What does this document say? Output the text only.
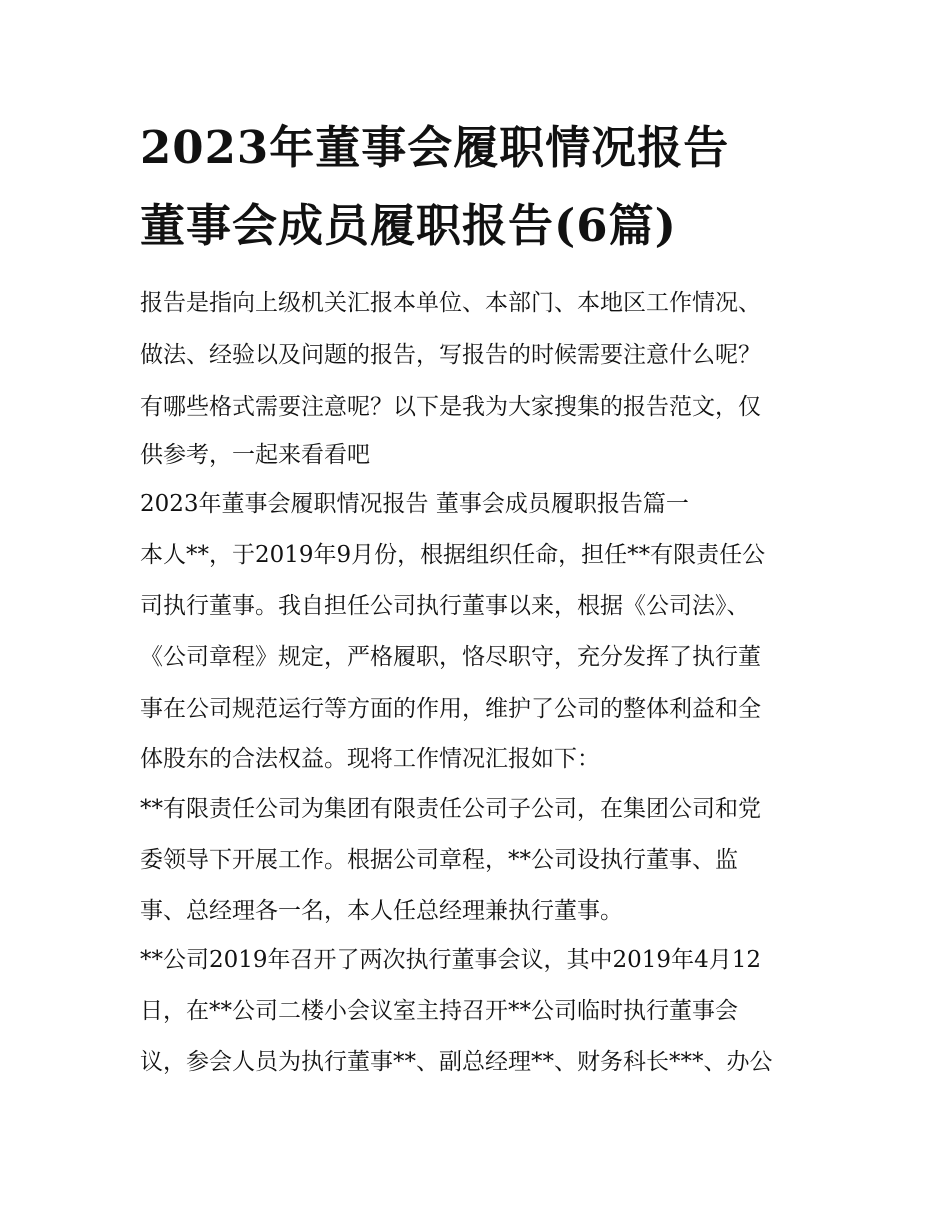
2023年董事会履职情况报告
董事会成员履职报告(6篇)

报告是指向上级机关汇报本单位、本部门、本地区工作情况、

做法、经验以及问题的报告，写报告的时候需要注意什么呢？

有哪些格式需要注意呢？以下是我为大家搜集的报告范文，仅

供参考，一起来看看吧

2023年董事会履职情况报告 董事会成员履职报告篇一

本人**，于2019年9月份，根据组织任命，担任**有限责任公

司执行董事。我自担任公司执行董事以来，根据《公司法》、

《公司章程》规定，严格履职，恪尽职守，充分发挥了执行董

事在公司规范运行等方面的作用，维护了公司的整体利益和全

体股东的合法权益。现将工作情况汇报如下：

**有限责任公司为集团有限责任公司子公司，在集团公司和党

委领导下开展工作。根据公司章程，**公司设执行董事、监

事、总经理各一名，本人任总经理兼执行董事。

**公司2019年召开了两次执行董事会议，其中2019年4月12

日，在**公司二楼小会议室主持召开**公司临时执行董事会

议，参会人员为执行董事**、副总经理**、财务科长***、办公
